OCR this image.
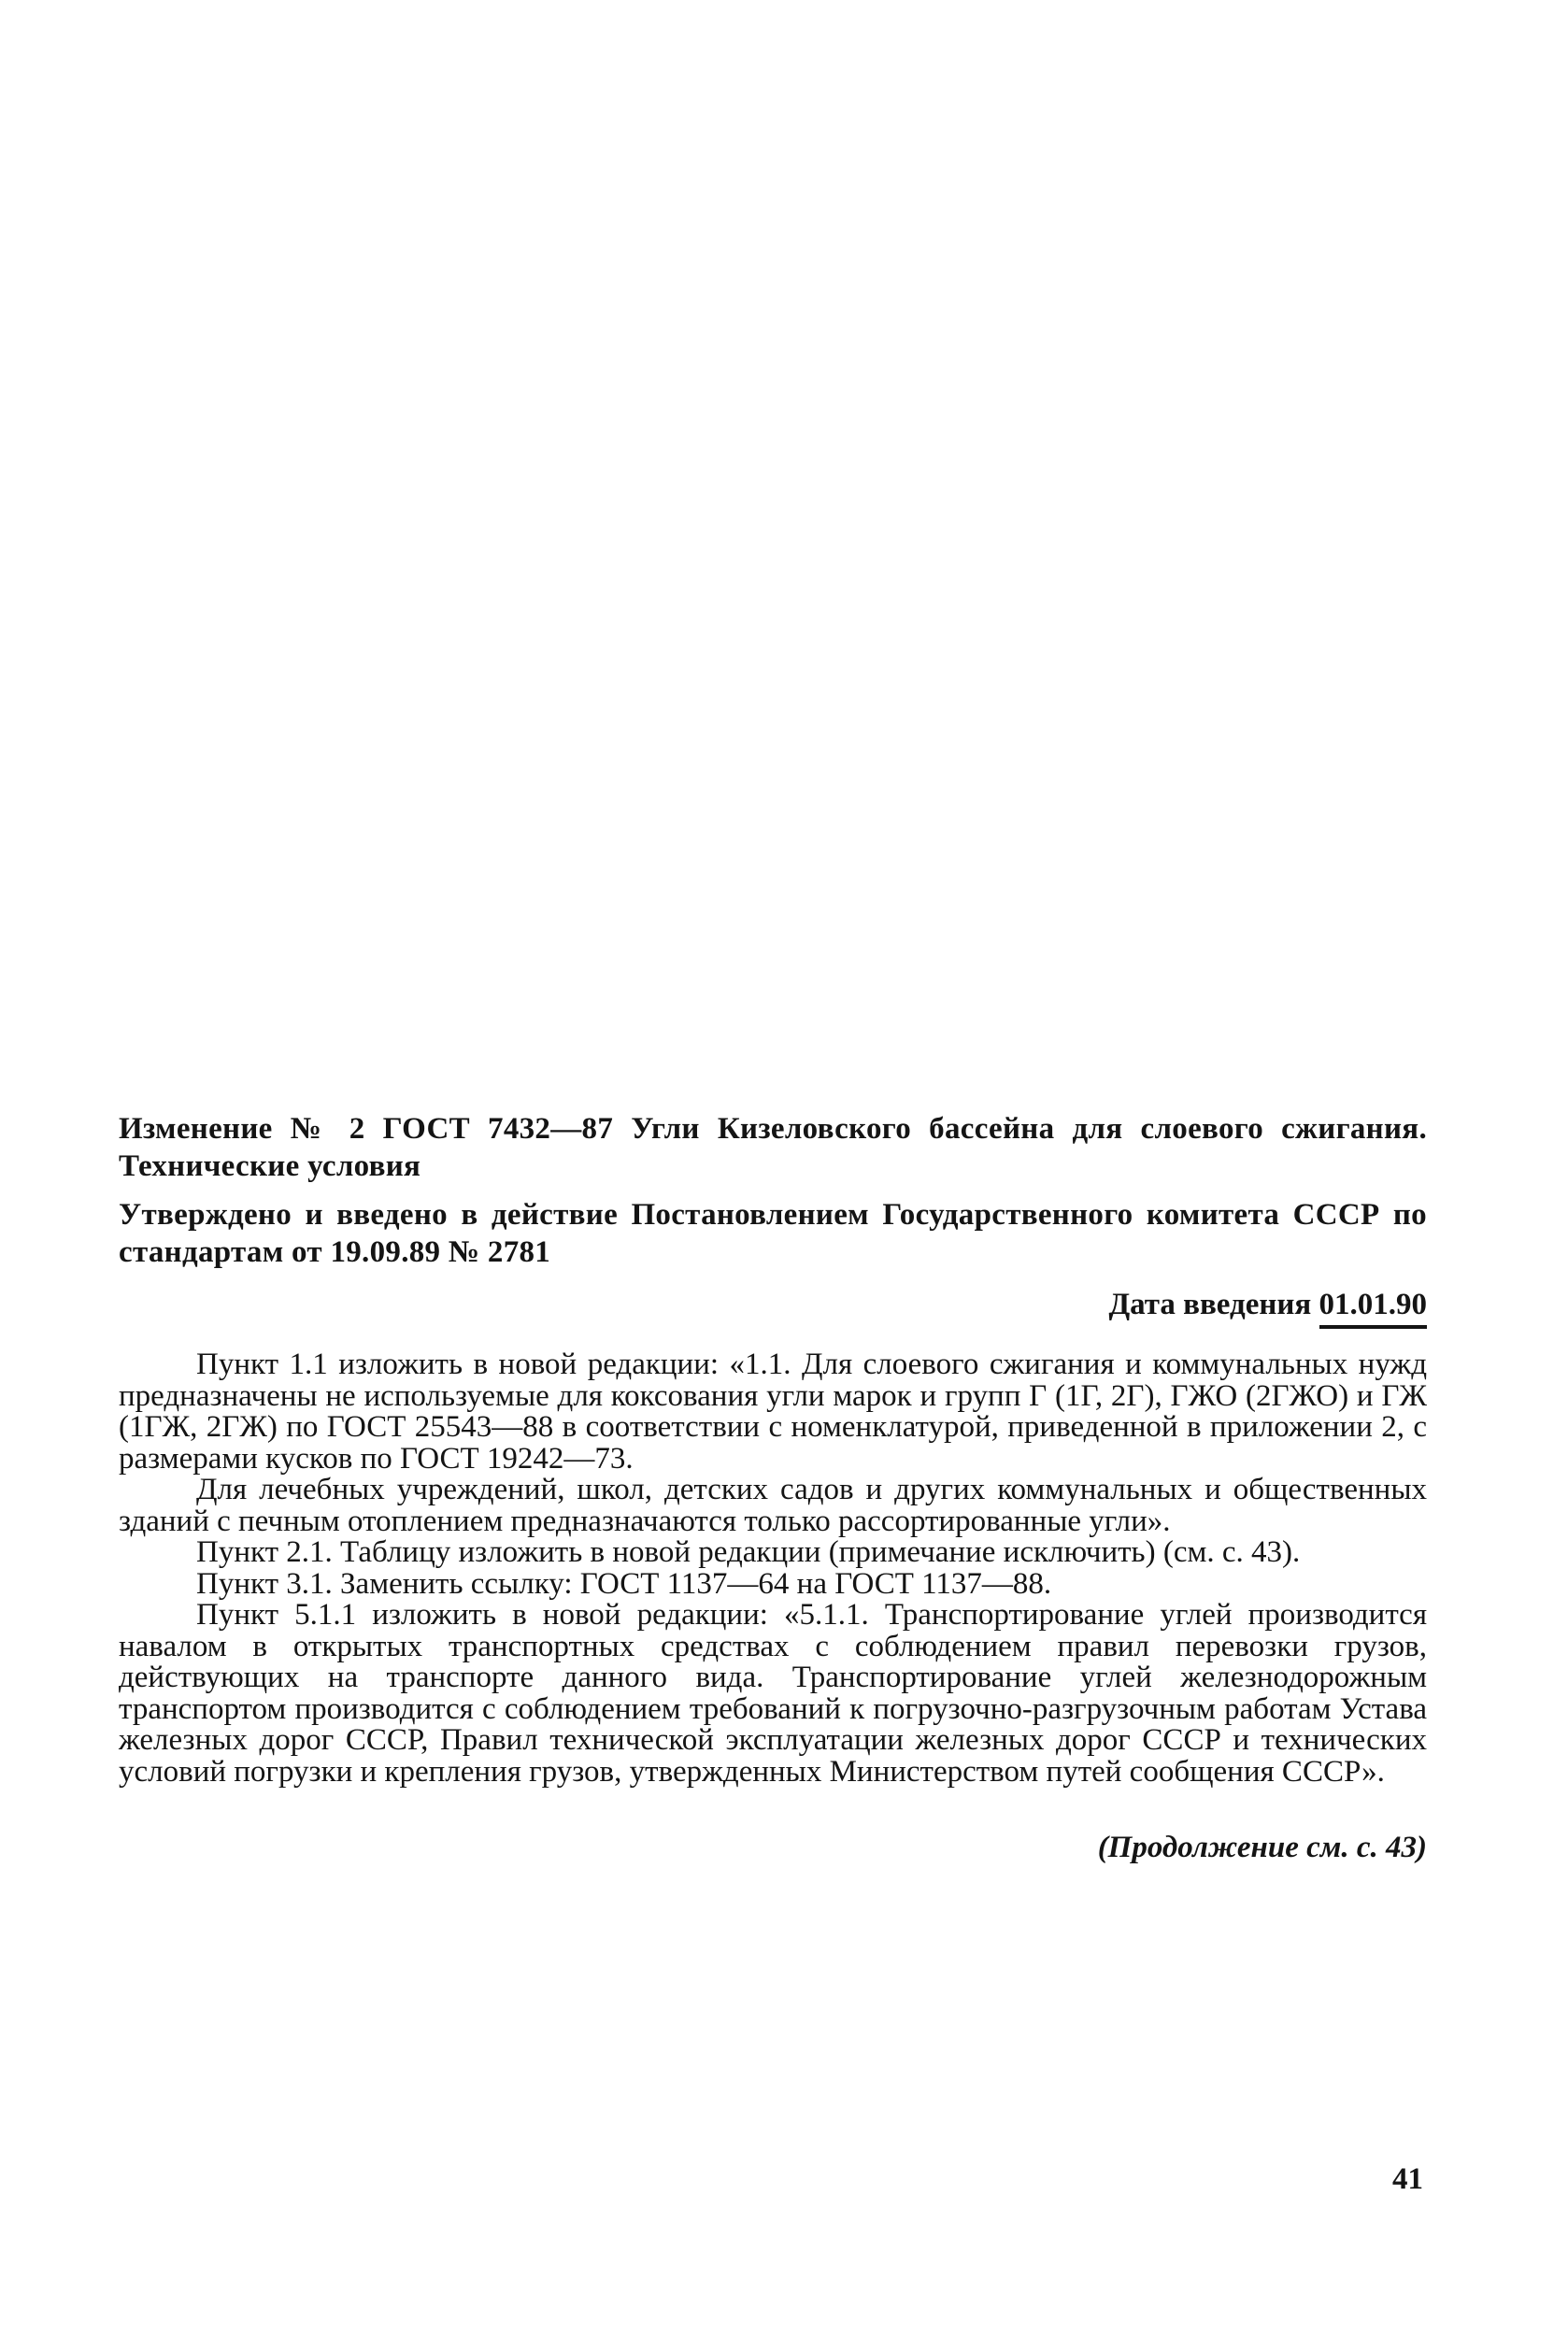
Изменение № 2 ГОСТ 7432—87 Угли Кизеловского бассейна для слоевого сжигания. Технические условия

Утверждено и введено в действие Постановлением Государственного комитета СССР по стандартам от 19.09.89 № 2781

Дата введения 01.01.90

Пункт 1.1 изложить в новой редакции: «1.1. Для слоевого сжигания и коммунальных нужд предназначены не используемые для коксования угли марок и групп Г (1Г, 2Г), ГЖО (2ГЖО) и ГЖ (1ГЖ, 2ГЖ) по ГОСТ 25543—88 в соответствии с номенклатурой, приведенной в приложении 2, с размерами кусков по ГОСТ 19242—73.

Для лечебных учреждений, школ, детских садов и других коммунальных и общественных зданий с печным отоплением предназначаются только рассортированные угли».

Пункт 2.1. Таблицу изложить в новой редакции (примечание исключить) (см. с. 43).

Пункт 3.1. Заменить ссылку: ГОСТ 1137—64 на ГОСТ 1137—88.

Пункт 5.1.1 изложить в новой редакции: «5.1.1. Транспортирование углей производится навалом в открытых транспортных средствах с соблюдением правил перевозки грузов, действующих на транспорте данного вида. Транспортирование углей железнодорожным транспортом производится с соблюдением требований к погрузочно-разгрузочным работам Устава железных дорог СССР, Правил технической эксплуатации железных дорог СССР и технических условий погрузки и крепления грузов, утвержденных Министерством путей сообщения СССР».

(Продолжение см. с. 43)
41
